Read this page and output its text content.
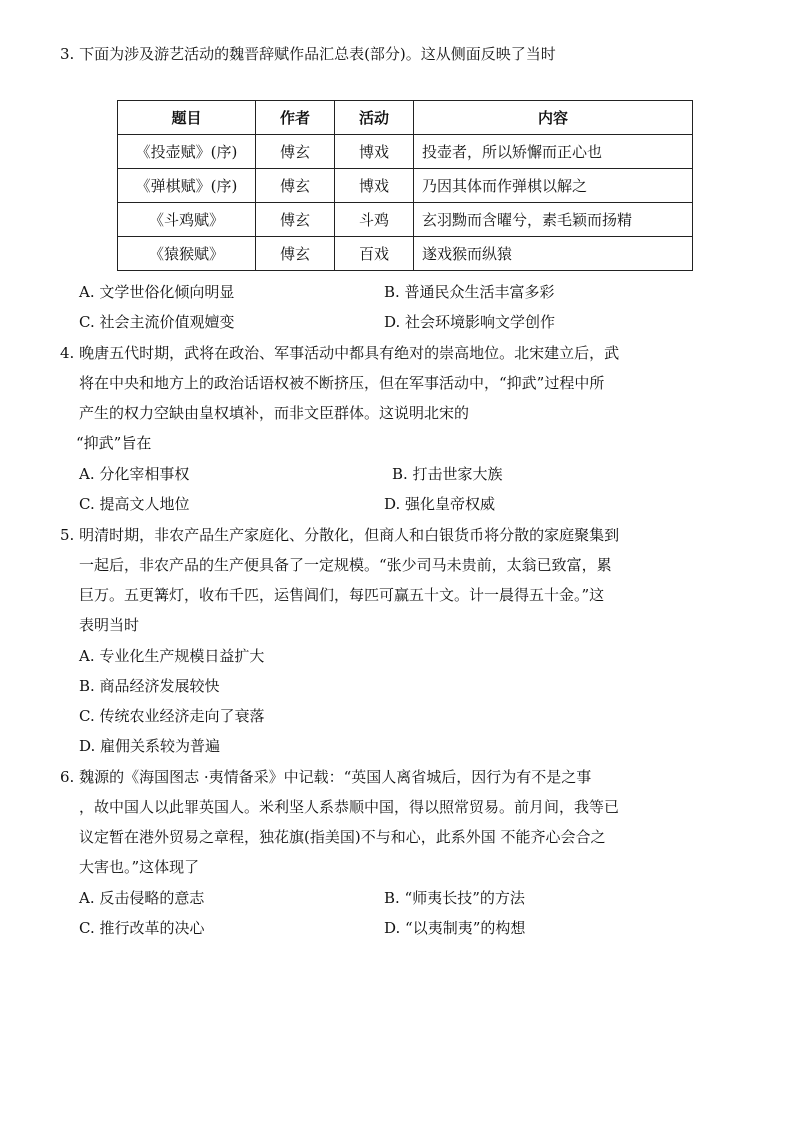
3. 下面为涉及游艺活动的魏晋辞赋作品汇总表(部分)。这从侧面反映了当时
题目	作者	活动	内容
《投壶赋》(序)	傅玄	博戏	投壶者，所以矫懈而正心也
《弹棋赋》(序)	傅玄	博戏	乃因其体而作弹棋以解之
《斗鸡赋》	傅玄	斗鸡	玄羽黝而含曜兮，素毛颖而扬精
《猿猴赋》	傅玄	百戏	遂戏猴而纵猿
A. 文学世俗化倾向明显	B. 普通民众生活丰富多彩
C. 社会主流价值观嬗变	D. 社会环境影响文学创作
4. 晚唐五代时期，武将在政治、军事活动中都具有绝对的崇高地位。北宋建立后，武
将在中央和地方上的政治话语权被不断挤压，但在军事活动中，“抑武”过程中所
产生的权力空缺由皇权填补，而非文臣群体。这说明北宋的
“抑武”旨在
A. 分化宰相事权	B. 打击世家大族
C. 提高文人地位	D. 强化皇帝权威
5. 明清时期，非农产品生产家庭化、分散化，但商人和白银货币将分散的家庭聚集到
一起后，非农产品的生产便具备了一定规模。“张少司马未贵前，太翁已致富，累
巨万。五更篝灯，收布千匹，运售阊们，每匹可赢五十文。计一晨得五十金。”这
表明当时
A. 专业化生产规模日益扩大
B. 商品经济发展较快
C. 传统农业经济走向了衰落
D. 雇佣关系较为普遍
6. 魏源的《海国图志 ·夷情备采》中记载：“英国人离省城后，因行为有不是之事
，故中国人以此罪英国人。米利坚人系恭顺中国，得以照常贸易。前月间，我等已
议定暂在港外贸易之章程，独花旗(指美国)不与和心，此系外国 不能齐心会合之
大害也。”这体现了
A. 反击侵略的意志	B. “师夷长技”的方法
C. 推行改革的决心	D. “以夷制夷”的构想
